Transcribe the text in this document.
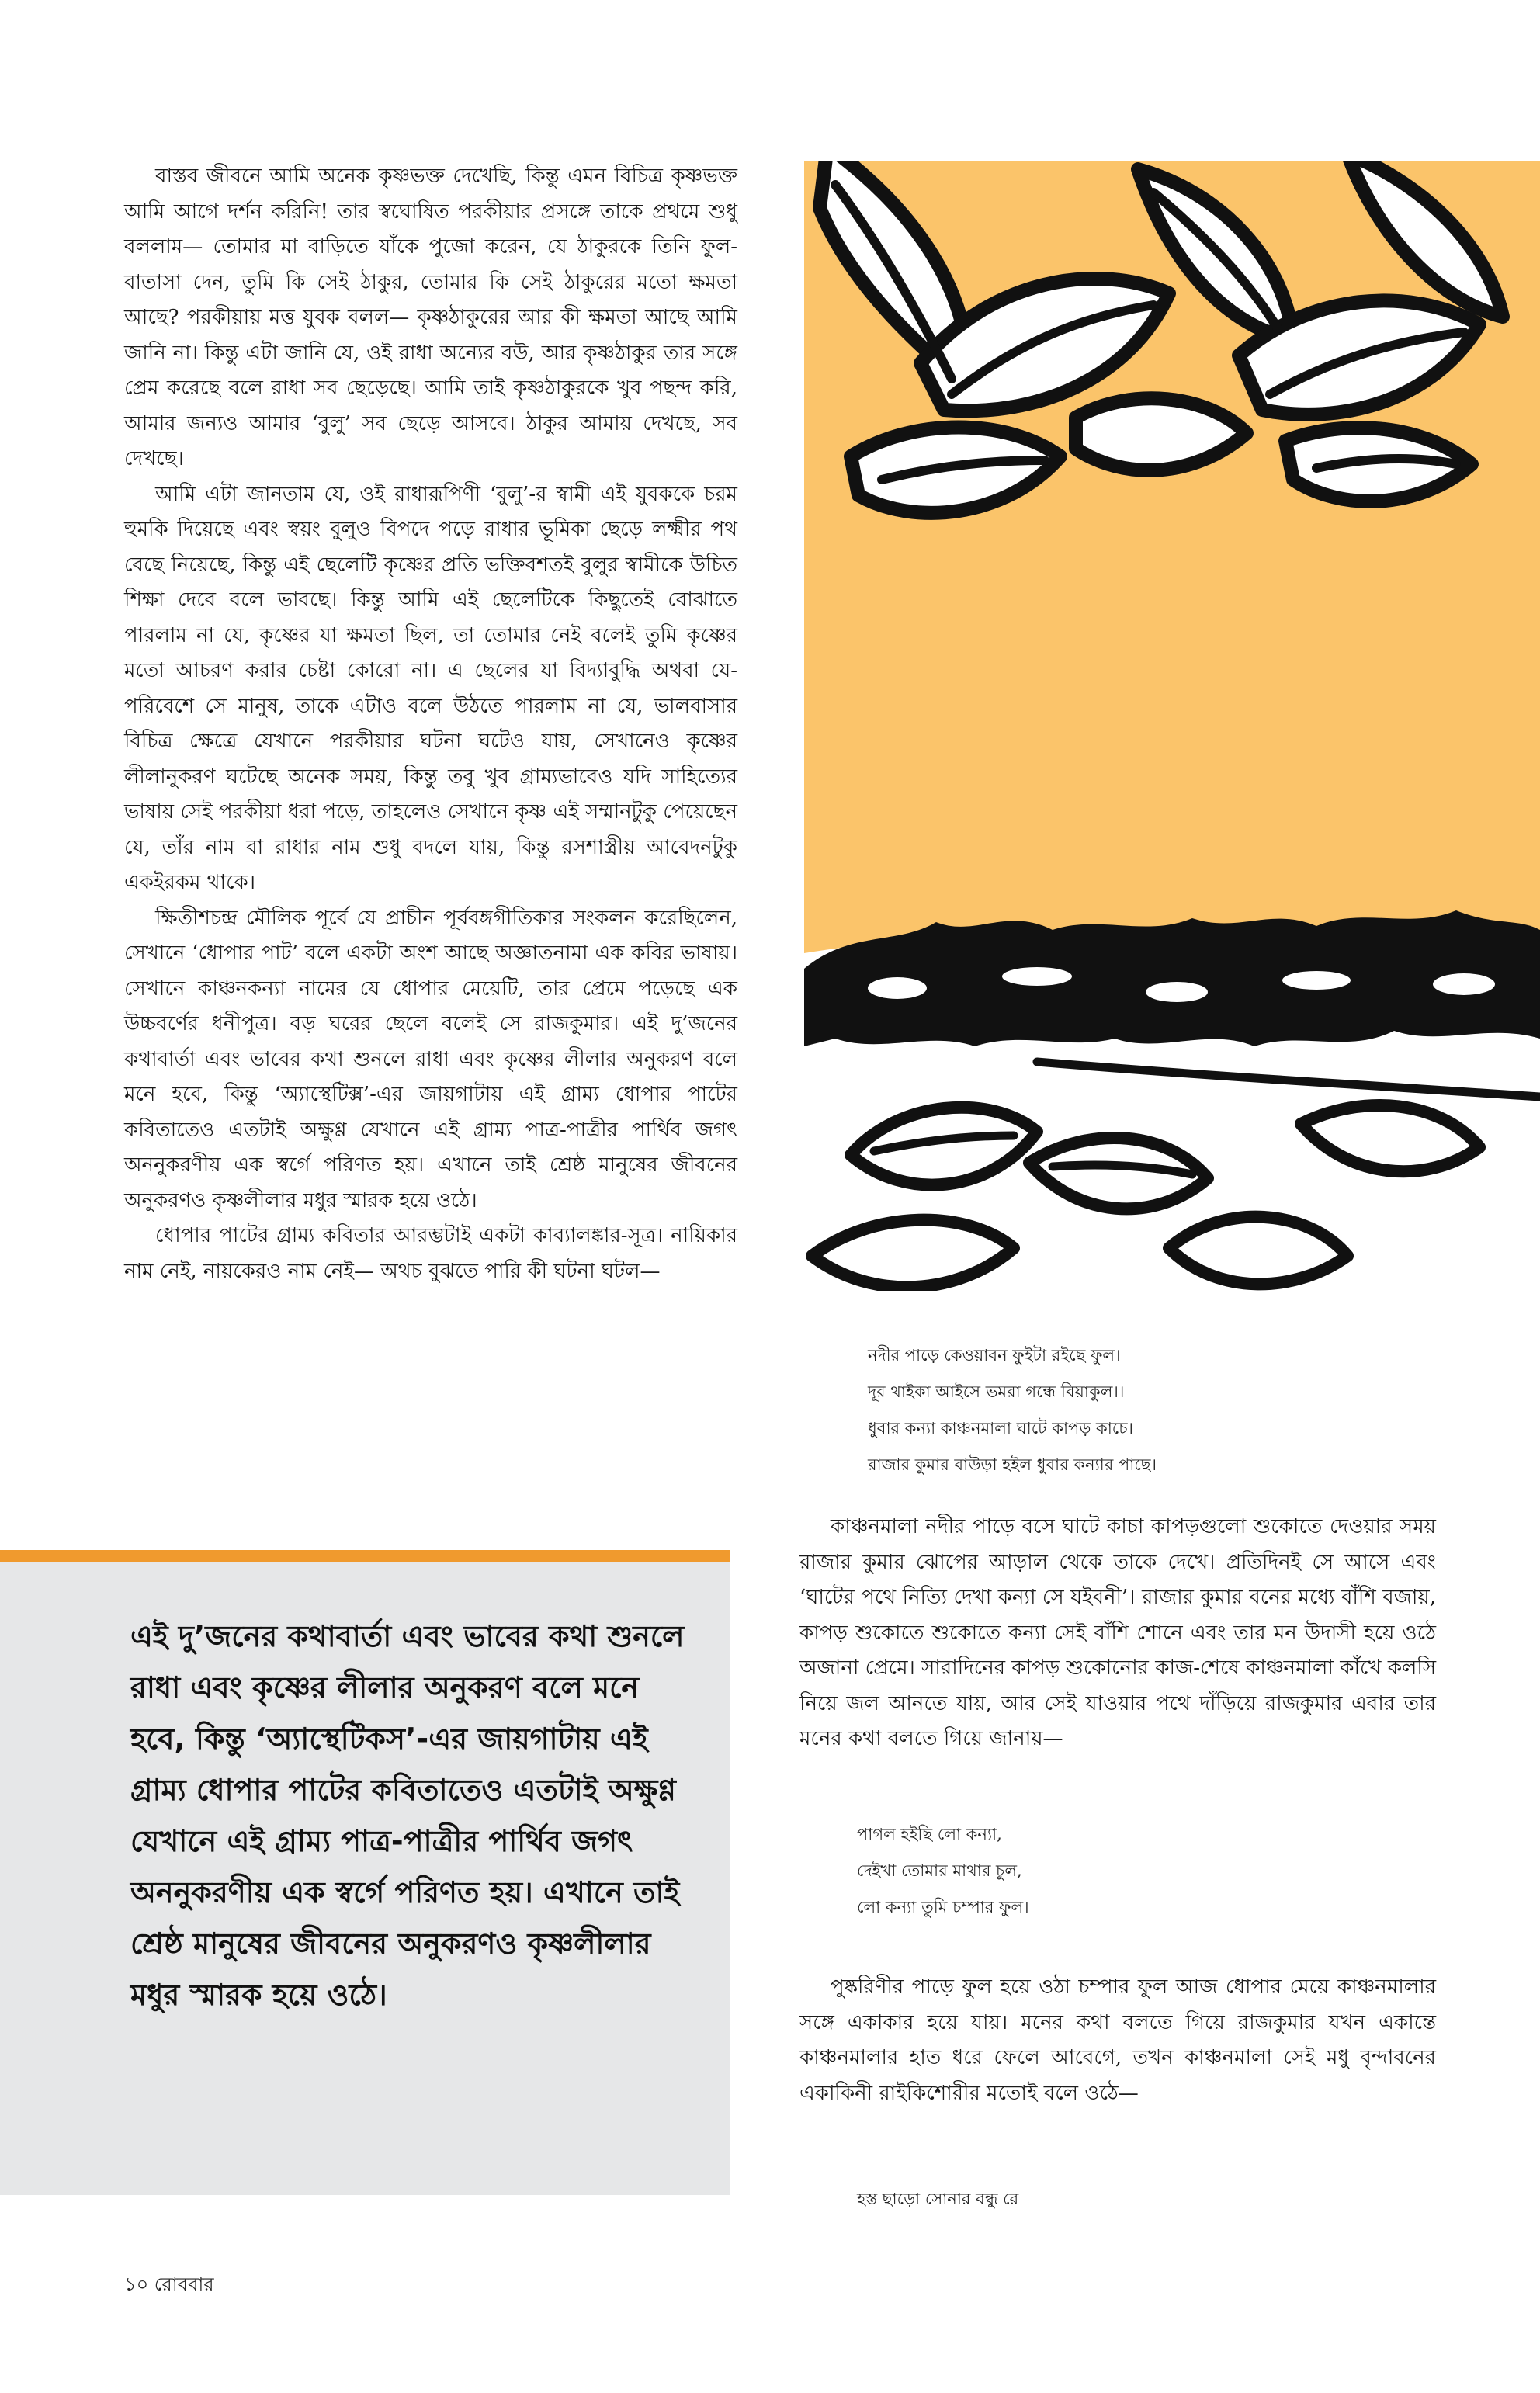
বাস্তব জীবনে আমি অনেক কৃষ্ণভক্ত দেখেছি, কিন্তু এমন বিচিত্র কৃষ্ণভক্ত আমি আগে দর্শন করিনি! তার স্বঘোষিত পরকীয়ার প্রসঙ্গে তাকে প্রথমে শুধু বললাম— তোমার মা বাড়িতে যাঁকে পুজো করেন, যে ঠাকুরকে তিনি ফুল-বাতাসা দেন, তুমি কি সেই ঠাকুর, তোমার কি সেই ঠাকুরের মতো ক্ষমতা আছে? পরকীয়ায় মত্ত যুবক বলল— কৃষ্ণঠাকুরের আর কী ক্ষমতা আছে আমি জানি না। কিন্তু এটা জানি যে, ওই রাধা অন্যের বউ, আর কৃষ্ণঠাকুর তার সঙ্গে প্রেম করেছে বলে রাধা সব ছেড়েছে। আমি তাই কৃষ্ণঠাকুরকে খুব পছন্দ করি, আমার জন্যও আমার ‘বুলু’ সব ছেড়ে আসবে। ঠাকুর আমায় দেখছে, সব দেখছে।

আমি এটা জানতাম যে, ওই রাধারূপিণী ‘বুলু’-র স্বামী এই যুবককে চরম হুমকি দিয়েছে এবং স্বয়ং বুলুও বিপদে পড়ে রাধার ভূমিকা ছেড়ে লক্ষ্মীর পথ বেছে নিয়েছে, কিন্তু এই ছেলেটি কৃষ্ণের প্রতি ভক্তিবশতই বুলুর স্বামীকে উচিত শিক্ষা দেবে বলে ভাবছে। কিন্তু আমি এই ছেলেটিকে কিছুতেই বোঝাতে পারলাম না যে, কৃষ্ণের যা ক্ষমতা ছিল, তা তোমার নেই বলেই তুমি কৃষ্ণের মতো আচরণ করার চেষ্টা কোরো না। এ ছেলের যা বিদ্যাবুদ্ধি অথবা যে-পরিবেশে সে মানুষ, তাকে এটাও বলে উঠতে পারলাম না যে, ভালবাসার বিচিত্র ক্ষেত্রে যেখানে পরকীয়ার ঘটনা ঘটেও যায়, সেখানেও কৃষ্ণের লীলানুকরণ ঘটেছে অনেক সময়, কিন্তু তবু খুব গ্রাম্যভাবেও যদি সাহিত্যের ভাষায় সেই পরকীয়া ধরা পড়ে, তাহলেও সেখানে কৃষ্ণ এই সম্মানটুকু পেয়েছেন যে, তাঁর নাম বা রাধার নাম শুধু বদলে যায়, কিন্তু রসশাস্ত্রীয় আবেদনটুকু একইরকম থাকে।

ক্ষিতীশচন্দ্র মৌলিক পূর্বে যে প্রাচীন পূর্ববঙ্গগীতিকার সংকলন করেছিলেন, সেখানে ‘ধোপার পাট’ বলে একটা অংশ আছে অজ্ঞাতনামা এক কবির ভাষায়। সেখানে কাঞ্চনকন্যা নামের যে ধোপার মেয়েটি, তার প্রেমে পড়েছে এক উচ্চবর্ণের ধনীপুত্র। বড় ঘরের ছেলে বলেই সে রাজকুমার। এই দু’জনের কথাবার্তা এবং ভাবের কথা শুনলে রাধা এবং কৃষ্ণের লীলার অনুকরণ বলে মনে হবে, কিন্তু ‘অ্যাস্থেটিক্স’-এর জায়গাটায় এই গ্রাম্য ধোপার পাটের কবিতাতেও এতটাই অক্ষুণ্ণ যেখানে এই গ্রাম্য পাত্র-পাত্রীর পার্থিব জগৎ অননুকরণীয় এক স্বর্গে পরিণত হয়। এখানে তাই শ্রেষ্ঠ মানুষের জীবনের অনুকরণও কৃষ্ণলীলার মধুর স্মারক হয়ে ওঠে।

ধোপার পাটের গ্রাম্য কবিতার আরম্ভটাই একটা কাব্যালঙ্কার-সূত্র। নায়িকার নাম নেই, নায়কেরও নাম নেই— অথচ বুঝতে পারি কী ঘটনা ঘটল—

এই দু’জনের কথাবার্তা এবং ভাবের কথা শুনলে রাধা এবং কৃষ্ণের লীলার অনুকরণ বলে মনে হবে, কিন্তু ‘অ্যাস্থেটিকস’-এর জায়গাটায় এই গ্রাম্য ধোপার পাটের কবিতাতেও এতটাই অক্ষুণ্ণ যেখানে এই গ্রাম্য পাত্র-পাত্রীর পার্থিব জগৎ অননুকরণীয় এক স্বর্গে পরিণত হয়। এখানে তাই শ্রেষ্ঠ মানুষের জীবনের অনুকরণও কৃষ্ণলীলার মধুর স্মারক হয়ে ওঠে।
নদীর পাড়ে কেওয়াবন ফুইটা রইছে ফুল।
দূর থাইকা আইসে ভমরা গন্ধে বিয়াকুল।।
ধুবার কন্যা কাঞ্চনমালা ঘাটে কাপড় কাচে।
রাজার কুমার বাউড়া হইল ধুবার কন্যার পাছে।

কাঞ্চনমালা নদীর পাড়ে বসে ঘাটে কাচা কাপড়গুলো শুকোতে দেওয়ার সময় রাজার কুমার ঝোপের আড়াল থেকে তাকে দেখে। প্রতিদিনই সে আসে এবং ‘ঘাটের পথে নিত্যি দেখা কন্যা সে যইবনী’। রাজার কুমার বনের মধ্যে বাঁশি বজায়, কাপড় শুকোতে শুকোতে কন্যা সেই বাঁশি শোনে এবং তার মন উদাসী হয়ে ওঠে অজানা প্রেমে। সারাদিনের কাপড় শুকোনোর কাজ-শেষে কাঞ্চনমালা কাঁখে কলসি নিয়ে জল আনতে যায়, আর সেই যাওয়ার পথে দাঁড়িয়ে রাজকুমার এবার তার মনের কথা বলতে গিয়ে জানায়—

পাগল হইছি লো কন্যা,
দেইখা তোমার মাথার চুল,
লো কন্যা তুমি চম্পার ফুল।

পুষ্করিণীর পাড়ে ফুল হয়ে ওঠা চম্পার ফুল আজ ধোপার মেয়ে কাঞ্চনমালার সঙ্গে একাকার হয়ে যায়। মনের কথা বলতে গিয়ে রাজকুমার যখন একান্তে কাঞ্চনমালার হাত ধরে ফেলে আবেগে, তখন কাঞ্চনমালা সেই মধু বৃন্দাবনের একাকিনী রাইকিশোরীর মতোই বলে ওঠে—

হস্ত ছাড়ো সোনার বন্ধু রে
১০ রোববার
